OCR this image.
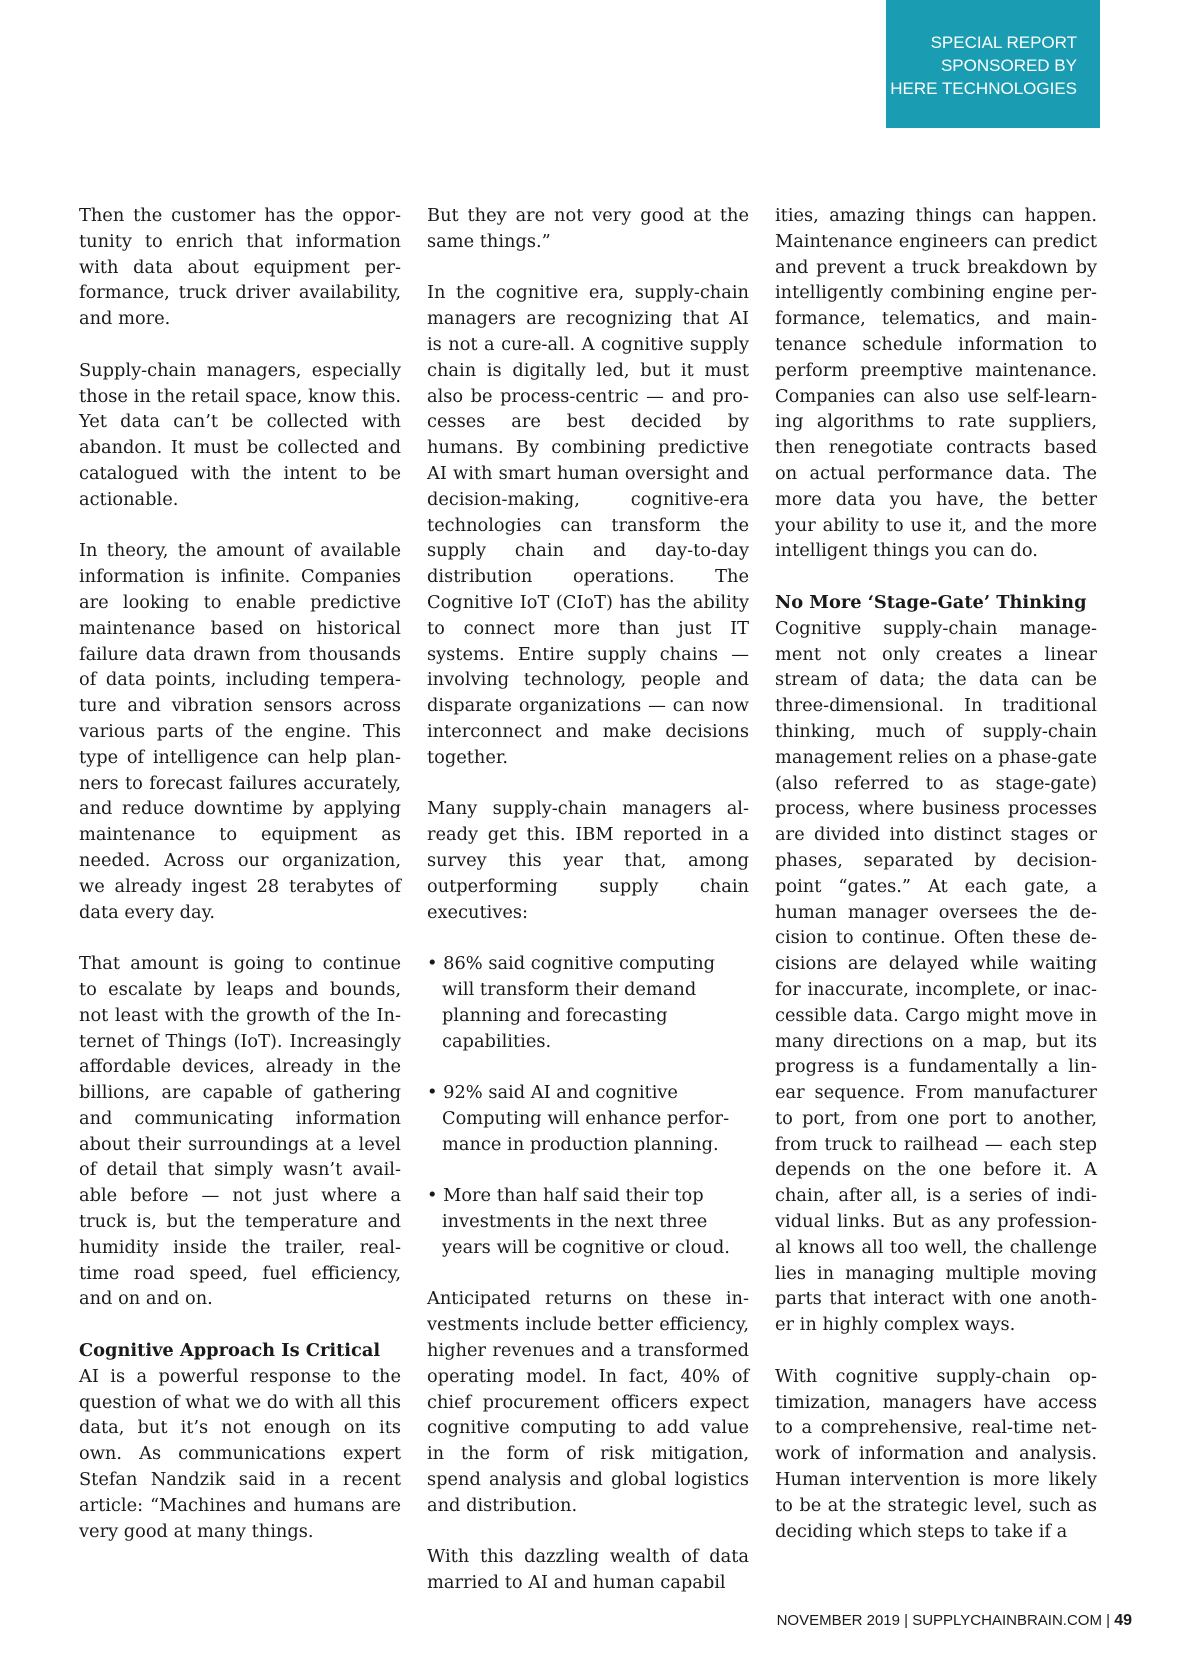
SPECIAL REPORT
SPONSORED BY
HERE TECHNOLOGIES

Then the customer has the opportunity to enrich that information with data about equipment performance, truck driver availability, and more.

Supply-chain managers, especially those in the retail space, know this. Yet data can’t be collected with abandon. It must be collected and catalogued with the intent to be actionable.

In theory, the amount of available information is infinite. Companies are looking to enable predictive maintenance based on historical failure data drawn from thousands of data points, including temperature and vibration sensors across various parts of the engine. This type of intelligence can help planners to forecast failures accurately, and reduce downtime by applying maintenance to equipment as needed. Across our organization, we already ingest 28 terabytes of data every day.

That amount is going to continue to escalate by leaps and bounds, not least with the growth of the Internet of Things (IoT). Increasingly affordable devices, already in the billions, are capable of gathering and communicating information about their surroundings at a level of detail that simply wasn’t available before — not just where a truck is, but the temperature and humidity inside the trailer, real-time road speed, fuel efficiency, and on and on.

Cognitive Approach Is Critical

AI is a powerful response to the question of what we do with all this data, but it’s not enough on its own. As communications expert Stefan Nandzik said in a recent article: “Machines and humans are very good at many things.

But they are not very good at the same things.”

In the cognitive era, supply-chain managers are recognizing that AI is not a cure-all. A cognitive supply chain is digitally led, but it must also be process-centric — and processes are best decided by humans. By combining predictive AI with smart human oversight and decision-making, cognitive-era technologies can transform the supply chain and day-to-day distribution operations. The Cognitive IoT (CIoT) has the ability to connect more than just IT systems. Entire supply chains — involving technology, people and disparate organizations — can now interconnect and make decisions together.

Many supply-chain managers already get this. IBM reported in a survey this year that, among outperforming supply chain executives:

• 86% said cognitive computing will transform their demand planning and forecasting capabilities.
• 92% said AI and cognitive Computing will enhance performance in production planning.
• More than half said their top investments in the next three years will be cognitive or cloud.

Anticipated returns on these investments include better efficiency, higher revenues and a transformed operating model. In fact, 40% of chief procurement officers expect cognitive computing to add value in the form of risk mitigation, spend analysis and global logistics and distribution.

With this dazzling wealth of data married to AI and human capabil

ities, amazing things can happen. Maintenance engineers can predict and prevent a truck breakdown by intelligently combining engine performance, telematics, and maintenance schedule information to perform preemptive maintenance. Companies can also use self-learning algorithms to rate suppliers, then renegotiate contracts based on actual performance data. The more data you have, the better your ability to use it, and the more intelligent things you can do.

No More ‘Stage-Gate’ Thinking

Cognitive supply-chain management not only creates a linear stream of data; the data can be three-dimensional. In traditional thinking, much of supply-chain management relies on a phase-gate (also referred to as stage-gate) process, where business processes are divided into distinct stages or phases, separated by decision-point “gates.” At each gate, a human manager oversees the decision to continue. Often these decisions are delayed while waiting for inaccurate, incomplete, or inaccessible data. Cargo might move in many directions on a map, but its progress is a fundamentally a linear sequence. From manufacturer to port, from one port to another, from truck to railhead — each step depends on the one before it. A chain, after all, is a series of individual links. But as any professional knows all too well, the challenge lies in managing multiple moving parts that interact with one another in highly complex ways.

With cognitive supply-chain optimization, managers have access to a comprehensive, real-time network of information and analysis. Human intervention is more likely to be at the strategic level, such as deciding which steps to take if a

NOVEMBER 2019 | SUPPLYCHAINBRAIN.COM | 49
